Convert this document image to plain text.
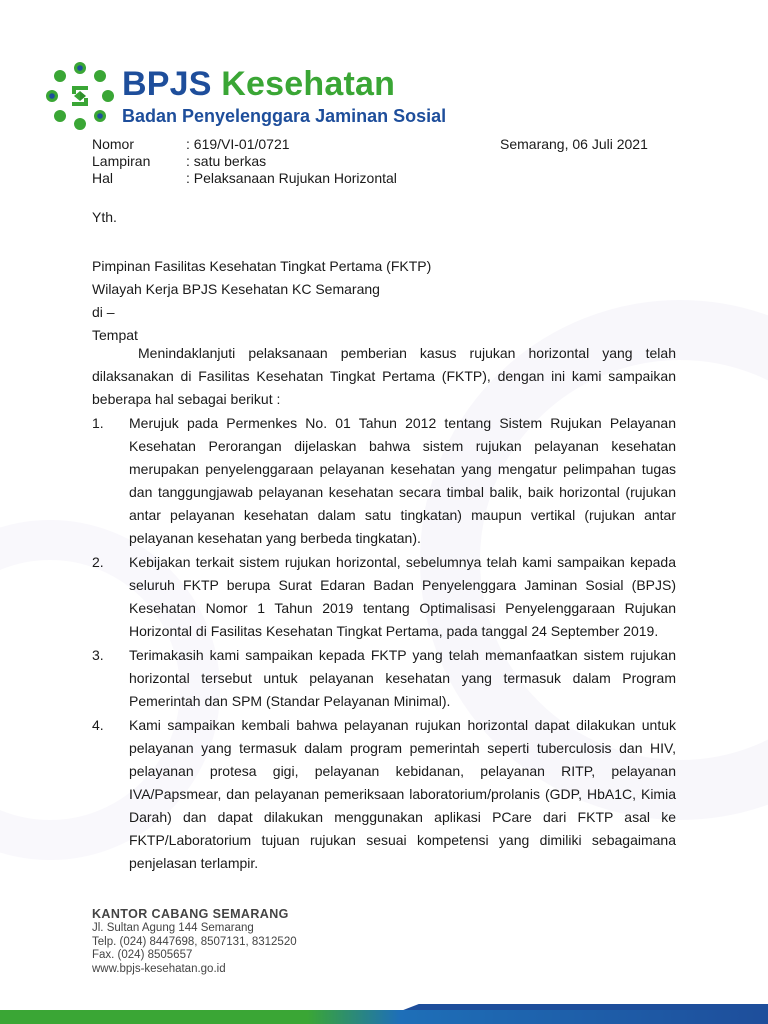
BPJS Kesehatan
Badan Penyelenggara Jaminan Sosial
Nomor	: 619/VI-01/0721
Lampiran	: satu berkas
Hal	: Pelaksanaan Rujukan Horizontal
Semarang, 06 Juli 2021
Yth.
Pimpinan Fasilitas Kesehatan Tingkat Pertama (FKTP)
Wilayah Kerja BPJS Kesehatan KC Semarang
di –
Tempat

Menindaklanjuti pelaksanaan pemberian kasus rujukan horizontal yang telah dilaksanakan di Fasilitas Kesehatan Tingkat Pertama (FKTP), dengan ini kami sampaikan beberapa hal sebagai berikut :

1.	Merujuk pada Permenkes No. 01 Tahun 2012 tentang Sistem Rujukan Pelayanan Kesehatan Perorangan dijelaskan bahwa sistem rujukan pelayanan kesehatan merupakan penyelenggaraan pelayanan kesehatan yang mengatur pelimpahan tugas dan tanggungjawab pelayanan kesehatan secara timbal balik, baik horizontal (rujukan antar pelayanan kesehatan dalam satu tingkatan) maupun vertikal (rujukan antar pelayanan kesehatan yang berbeda tingkatan).
2.	Kebijakan terkait sistem rujukan horizontal, sebelumnya telah kami sampaikan kepada seluruh FKTP berupa Surat Edaran Badan Penyelenggara Jaminan Sosial (BPJS) Kesehatan Nomor 1 Tahun 2019 tentang Optimalisasi Penyelenggaraan Rujukan Horizontal di Fasilitas Kesehatan Tingkat Pertama, pada tanggal 24 September 2019.
3.	Terimakasih kami sampaikan kepada FKTP yang telah memanfaatkan sistem rujukan horizontal tersebut untuk pelayanan kesehatan yang termasuk dalam Program Pemerintah dan SPM (Standar Pelayanan Minimal).
4.	Kami sampaikan kembali bahwa pelayanan rujukan horizontal dapat dilakukan untuk pelayanan yang termasuk dalam program pemerintah seperti tuberculosis dan HIV, pelayanan protesa gigi, pelayanan kebidanan, pelayanan RITP, pelayanan IVA/Papsmear, dan pelayanan pemeriksaan laboratorium/prolanis (GDP, HbA1C, Kimia Darah) dan dapat dilakukan menggunakan aplikasi PCare dari FKTP asal ke FKTP/Laboratorium tujuan rujukan sesuai kompetensi yang dimiliki sebagaimana penjelasan terlampir.
KANTOR CABANG SEMARANG
Jl. Sultan Agung 144 Semarang
Telp. (024) 8447698, 8507131, 8312520
Fax. (024) 8505657
www.bpjs-kesehatan.go.id
